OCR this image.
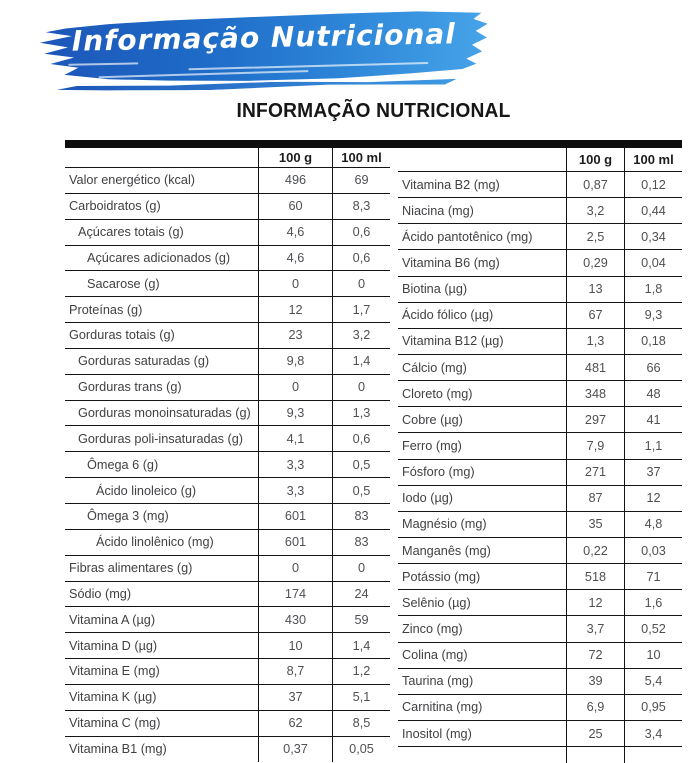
Informação Nutricional
INFORMAÇÃO NUTRICIONAL
100 g	100 ml
Valor energético (kcal)	496	69
Carboidratos (g)	60	8,3
Açúcares totais (g)	4,6	0,6
Açúcares adicionados (g)	4,6	0,6
Sacarose (g)	0	0
Proteínas (g)	12	1,7
Gorduras totais (g)	23	3,2
Gorduras saturadas (g)	9,8	1,4
Gorduras trans (g)	0	0
Gorduras monoinsaturadas (g)	9,3	1,3
Gorduras poli-insaturadas (g)	4,1	0,6
Ômega 6 (g)	3,3	0,5
Ácido linoleico (g)	3,3	0,5
Ômega 3 (mg)	601	83
Ácido linolênico (mg)	601	83
Fibras alimentares (g)	0	0
Sódio (mg)	174	24
Vitamina A (µg)	430	59
Vitamina D (µg)	10	1,4
Vitamina E (mg)	8,7	1,2
Vitamina K (µg)	37	5,1
Vitamina C (mg)	62	8,5
Vitamina B1 (mg)	0,37	0,05
100 g	100 ml
Vitamina B2 (mg)	0,87	0,12
Niacina (mg)	3,2	0,44
Ácido pantotênico (mg)	2,5	0,34
Vitamina B6 (mg)	0,29	0,04
Biotina (µg)	13	1,8
Ácido fólico (µg)	67	9,3
Vitamina B12 (µg)	1,3	0,18
Cálcio (mg)	481	66
Cloreto (mg)	348	48
Cobre (µg)	297	41
Ferro (mg)	7,9	1,1
Fósforo (mg)	271	37
Iodo (µg)	87	12
Magnésio (mg)	35	4,8
Manganês (mg)	0,22	0,03
Potássio (mg)	518	71
Selênio (µg)	12	1,6
Zinco (mg)	3,7	0,52
Colina (mg)	72	10
Taurina (mg)	39	5,4
Carnitina (mg)	6,9	0,95
Inositol (mg)	25	3,4
